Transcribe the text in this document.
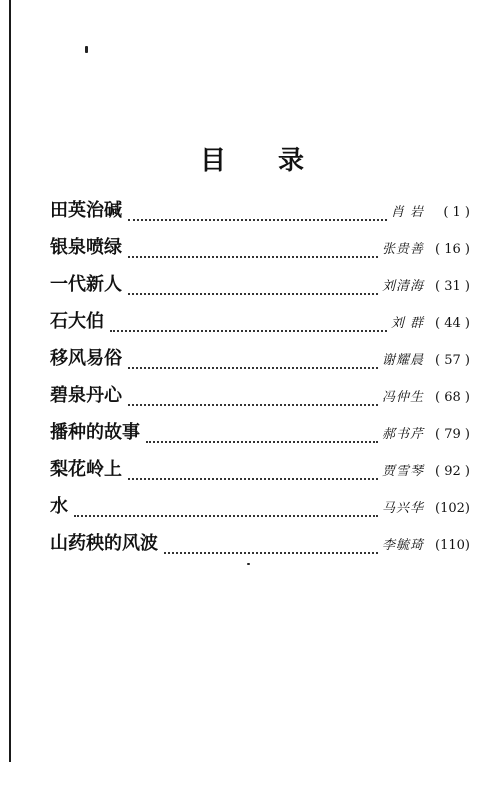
目 录
田英治碱	肖 岩	( 1 )
银泉喷绿	张贵善 ( 16 )
一代新人	刘清海 ( 31 )
石大伯	刘 群 ( 44 )
移风易俗	谢耀晨 ( 57 )
碧泉丹心	冯仲生 ( 68 )
播种的故事	郝书芹 ( 79 )
梨花岭上	贾雪琴 ( 92 )
水	马兴华 (102)
山药秧的风波	李毓琦 (110)
